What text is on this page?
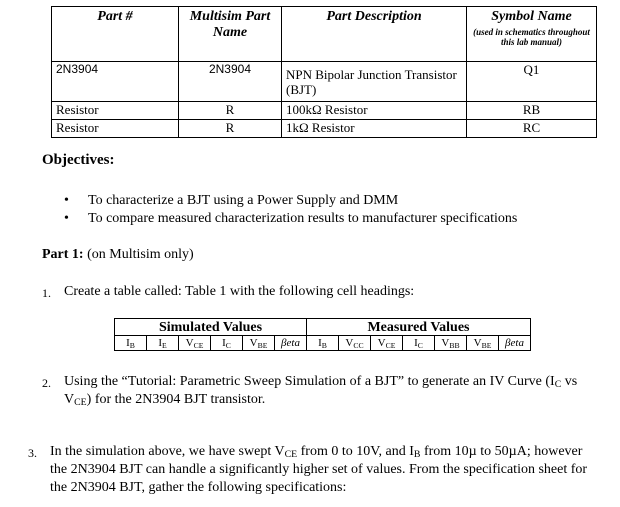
Part #	Multisim Part Name	Part Description	Symbol Name
(used in schematics throughout this lab manual)

2N3904	2N3904	NPN Bipolar Junction Transistor (BJT)	Q1
Resistor	R	100kΩ Resistor	RB
Resistor	R	1kΩ Resistor	RC
Objectives:
• To characterize a BJT using a Power Supply and DMM
• To compare measured characterization results to manufacturer specifications
Part 1: (on Multisim only)
1. Create a table called: Table 1 with the following cell headings:
Simulated Values						Measured Values						
$I_B$	$I_E$	$V_{CE}$	$I_C$	$V_{BE}$	βeta	$I_B$	$V_{CC}$	$V_{CE}$	$I_C$	$V_{BB}$	$V_{BE}$	βeta
2. Using the “Tutorial: Parametric Sweep Simulation of a BJT” to generate an IV Curve ($I_C$ vs $V_{CE}$) for the 2N3904 BJT transistor.
3. In the simulation above, we have swept $V_{CE}$ from 0 to 10V, and $I_B$ from 10µ to 50µA; however the 2N3904 BJT can handle a significantly higher set of values. From the specification sheet for the 2N3904 BJT, gather the following specifications:
